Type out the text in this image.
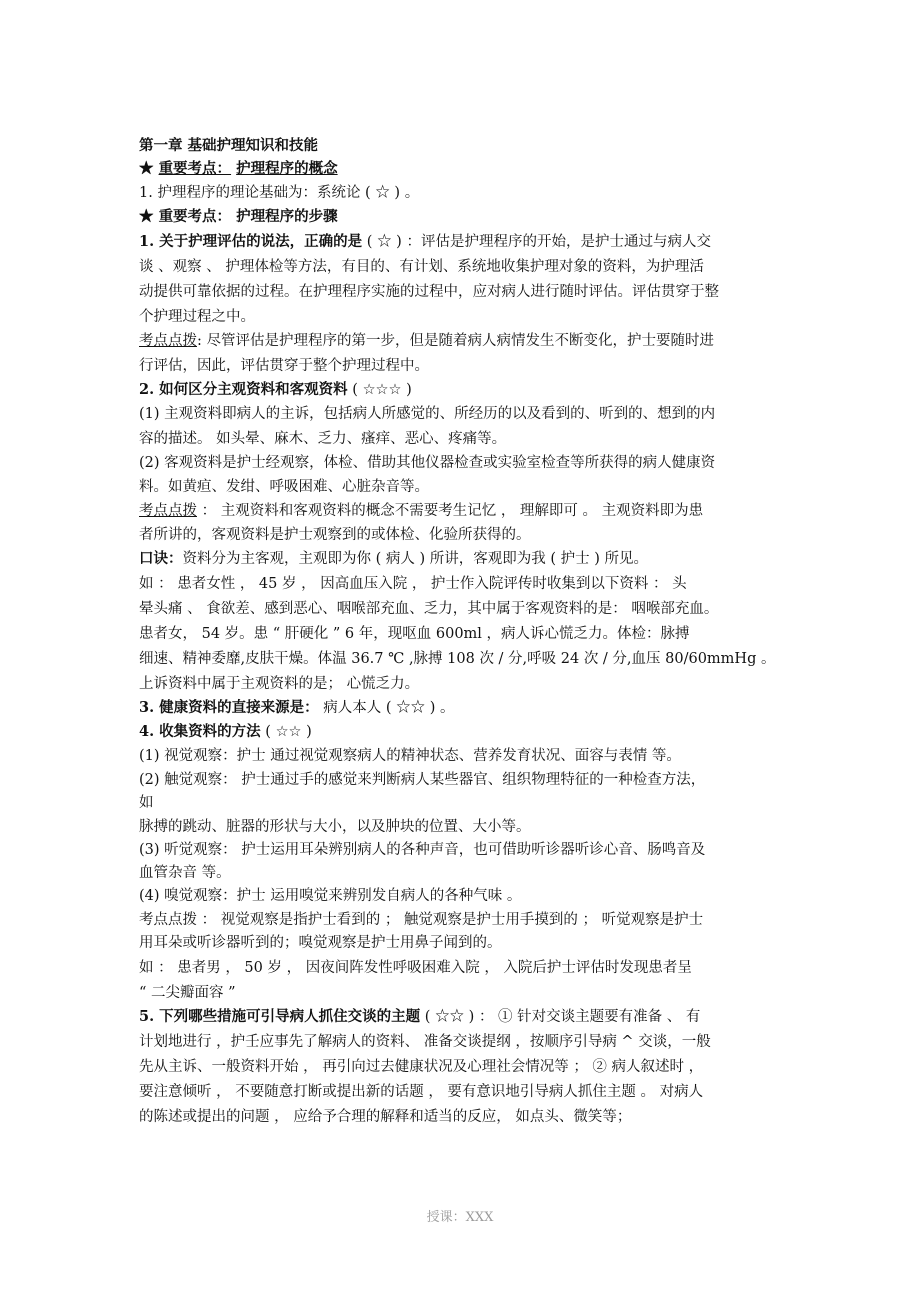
第一章 基础护理知识和技能
★ 重要考点： 护理程序的概念
1. 护理程序的理论基础为：系统论 ( ☆ ) 。
★ 重要考点： 护理程序的步骤
1. 关于护理评估的说法，正确的是 ( ☆ ) ：评估是护理程序的开始，是护士通过与病人交
谈 、观察 、 护理体检等方法，有目的、有计划、系统地收集护理对象的资料，为护理活
动提供可靠依据的过程。在护理程序实施的过程中，应对病人进行随时评估。评估贯穿于整
个护理过程之中。
考点点拨: 尽管评估是护理程序的第一步，但是随着病人病情发生不断变化，护士要随时进
行评估，因此，评估贯穿于整个护理过程中。
2. 如何区分主观资料和客观资料 ( ☆☆☆ )
(1) 主观资料即病人的主诉，包括病人所感觉的、所经历的以及看到的、听到的、想到的内
容的描述。 如头晕、麻木、乏力、瘙痒、恶心、疼痛等。
(2) 客观资料是护士经观察，体检、借助其他仪器检查或实验室检查等所获得的病人健康资
料。如黄疸、发绀、呼吸困难、心脏杂音等。
考点点拨 ： 主观资料和客观资料的概念不需要考生记忆 ， 理解即可 。 主观资料即为患
者所讲的，客观资料是护士观察到的或体检、化验所获得的。
口诀：资料分为主客观，主观即为你 ( 病人 ) 所讲，客观即为我 ( 护士 ) 所见。
如 ： 患者女性 ， 45 岁 ， 因高血压入院 ， 护士作入院评传时收集到以下资料 ： 头
晕头痛 、 食欲差、感到恶心、咽喉部充血、乏力，其中属于客观资料的是： 咽喉部充血。
患者女， 54 岁。患 “ 肝硬化 ” 6 年，现呕血 600ml ，病人诉心慌乏力。体检：脉搏
细速、精神委靡,皮肤干燥。体温 36.7 ℃ ,脉搏 108 次 / 分,呼吸 24 次 / 分,血压 80/60mmHg 。
上诉资料中属于主观资料的是； 心慌乏力。
3. 健康资料的直接来源是： 病人本人 ( ☆☆ ) 。
4. 收集资料的方法 ( ☆☆ )
(1) 视觉观察：护士 通过视觉观察病人的精神状态、营养发育状况、面容与表情 等。
(2) 触觉观察： 护士通过手的感觉来判断病人某些器官、组织物理特征的一种检查方法，
如
脉搏的跳动、脏器的形状与大小，以及肿块的位置、大小等。
(3) 听觉观察： 护士运用耳朵辨别病人的各种声音，也可借助听诊器听诊心音、肠鸣音及
血管杂音 等。
(4) 嗅觉观察：护士 运用嗅觉来辨别发自病人的各种气味 。
考点点拨 ： 视觉观察是指护士看到的 ； 触觉观察是护士用手摸到的 ； 听觉观察是护士
用耳朵或听诊器听到的；嗅觉观察是护士用鼻子闻到的。
如 ： 患者男 ， 50 岁 ， 因夜间阵发性呼吸困难入院 ， 入院后护士评估时发现患者呈
“ 二尖瓣面容 ”
5. 下列哪些措施可引导病人抓住交谈的主题 ( ☆☆ ) ： ① 针对交谈主题要有准备 、 有
计划地进行 ，护壬应事先了解病人的资料、 准备交谈提纲 ，按顺序引导病 ^ 交谈，一般
先从主诉、一般资料开始 ， 再引向过去健康状况及心理社会情况等 ； ② 病人叙述时 ，
要注意倾听 ， 不要随意打断或提出新的话题 ， 要有意识地引导病人抓住主题 。 对病人
的陈述或提出的问题 ， 应给予合理的解释和适当的反应， 如点头、微笑等；
授课：XXX
